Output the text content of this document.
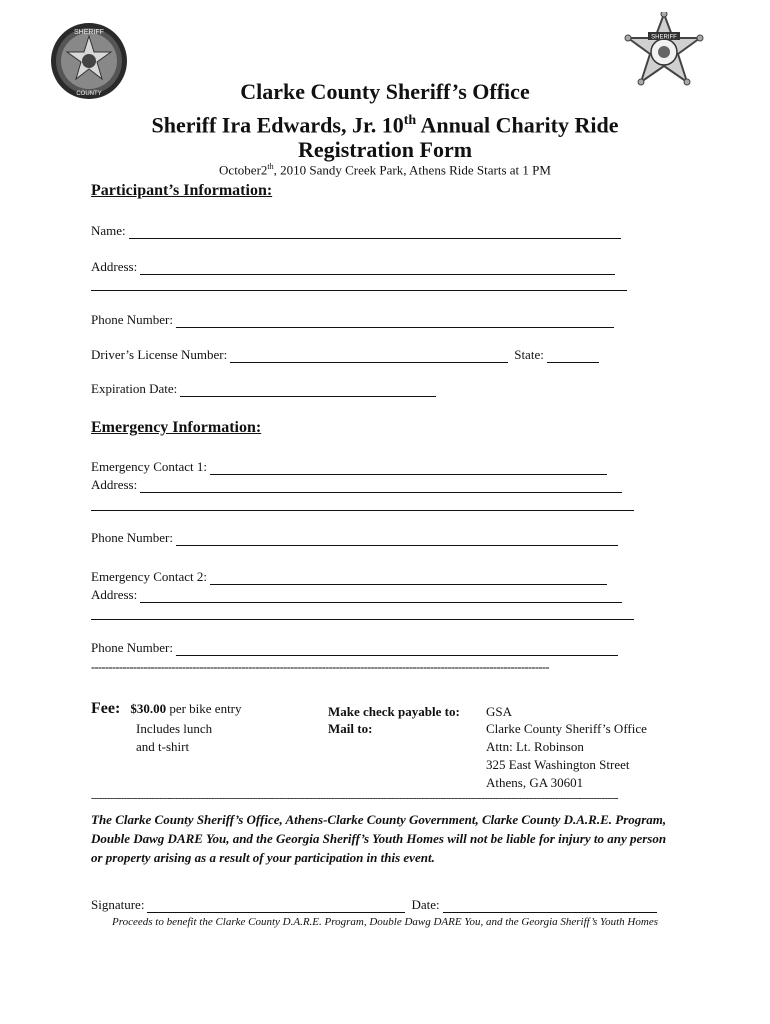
SHERIFF
COUNTY
SHERIFF
Clarke County Sheriff’s Office
Sheriff Ira Edwards, Jr. 10th Annual Charity Ride
Registration Form
October2th, 2010 Sandy Creek Park, Athens Ride Starts at 1 PM
Participant’s Information:
Name:
Address:
Phone Number:
Driver’s License Number:	State:
Expiration Date:
Emergency Information:
Emergency Contact 1:
Address:
Phone Number:
Emergency Contact 2:
Address:
Phone Number:
-----------------------------------------------------------------------------------------------------------------------------------
Fee: $30.00 per bike entry
Includes lunch
and t-shirt
Make check payable to: GSA
Mail to:	Clarke County Sheriff’s Office
Attn: Lt. Robinson
325 East Washington Street
Athens, GA 30601
-------------------------------------------------------------------------------------------------------------------------------------------------------------------------------------------------
The Clarke County Sheriff’s Office, Athens-Clarke County Government, Clarke County D.A.R.E. Program, Double Dawg DARE You, and the Georgia Sheriff’s Youth Homes will not be liable for injury to any person or property arising as a result of your participation in this event.
Signature:	Date:
Proceeds to benefit the Clarke County D.A.R.E. Program, Double Dawg DARE You, and the Georgia Sheriff’s Youth Homes
